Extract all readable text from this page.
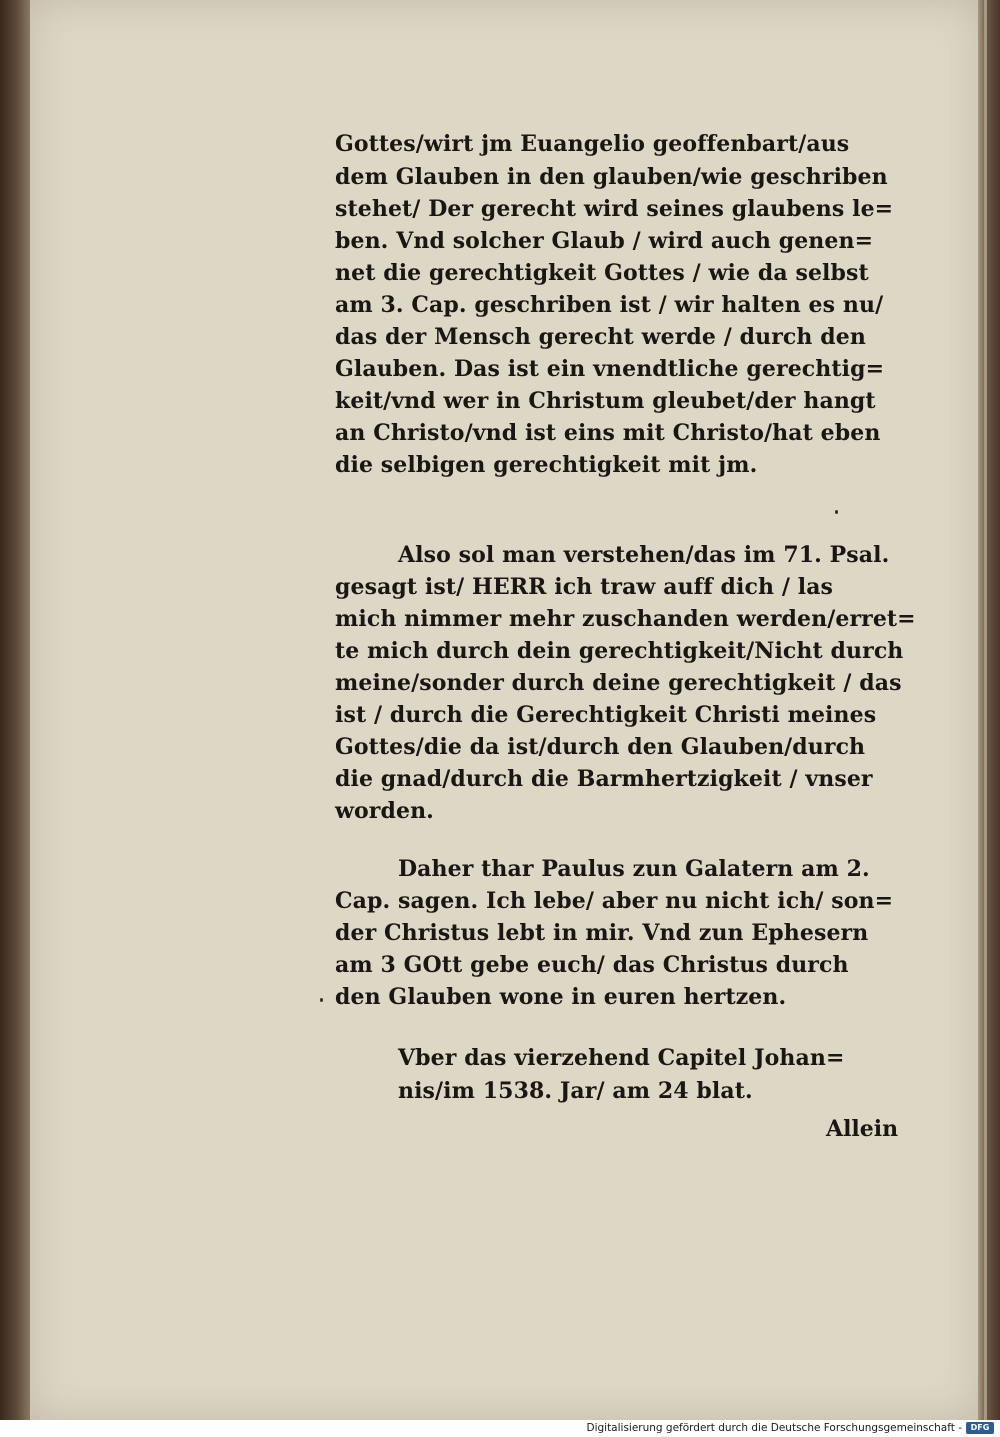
Gottes/wirt jm Euangelio geoffenbart/aus
dem Glauben in den glauben/wie geschriben
stehet/ Der gerecht wird seines glaubens le=
ben. Vnd solcher Glaub / wird auch genen=
net die gerechtigkeit Gottes / wie da selbst
am 3. Cap. geschriben ist / wir halten es nu/
das der Mensch gerecht werde / durch den
Glauben. Das ist ein vnendtliche gerechtig=
keit/vnd wer in Christum gleubet/der hangt
an Christo/vnd ist eins mit Christo/hat eben
die selbigen gerechtigkeit mit jm.
Also sol man verstehen/das im 71. Psal.
gesagt ist/ HERR ich traw auff dich / las
mich nimmer mehr zuschanden werden/erret=
te mich durch dein gerechtigkeit/Nicht durch
meine/sonder durch deine gerechtigkeit / das
ist / durch die Gerechtigkeit Christi meines
Gottes/die da ist/durch den Glauben/durch
die gnad/durch die Barmhertzigkeit / vnser
worden.
Daher thar Paulus zun Galatern am 2.
Cap. sagen. Ich lebe/ aber nu nicht ich/ son=
der Christus lebt in mir. Vnd zun Ephesern
am 3 GOtt gebe euch/ das Christus durch
den Glauben wone in euren hertzen.
Vber das vierzehend Capitel Johan=
nis/im 1538. Jar/ am 24 blat.
Allein
Digitalisierung gefördert durch die Deutsche Forschungsgemeinschaft -	DFG
